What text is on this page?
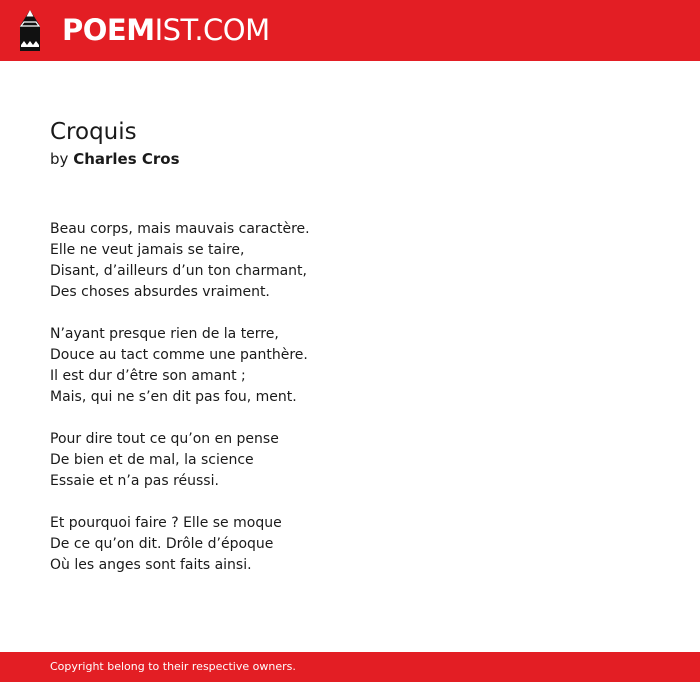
POEMIST.COM
Croquis
by Charles Cros
Beau corps, mais mauvais caractère.
Elle ne veut jamais se taire,
Disant, d’ailleurs d’un ton charmant,
Des choses absurdes vraiment.
N’ayant presque rien de la terre,
Douce au tact comme une panthère.
Il est dur d’être son amant ;
Mais, qui ne s’en dit pas fou, ment.
Pour dire tout ce qu’on en pense
De bien et de mal, la science
Essaie et n’a pas réussi.
Et pourquoi faire ? Elle se moque
De ce qu’on dit. Drôle d’époque
Où les anges sont faits ainsi.
Copyright belong to their respective owners.
